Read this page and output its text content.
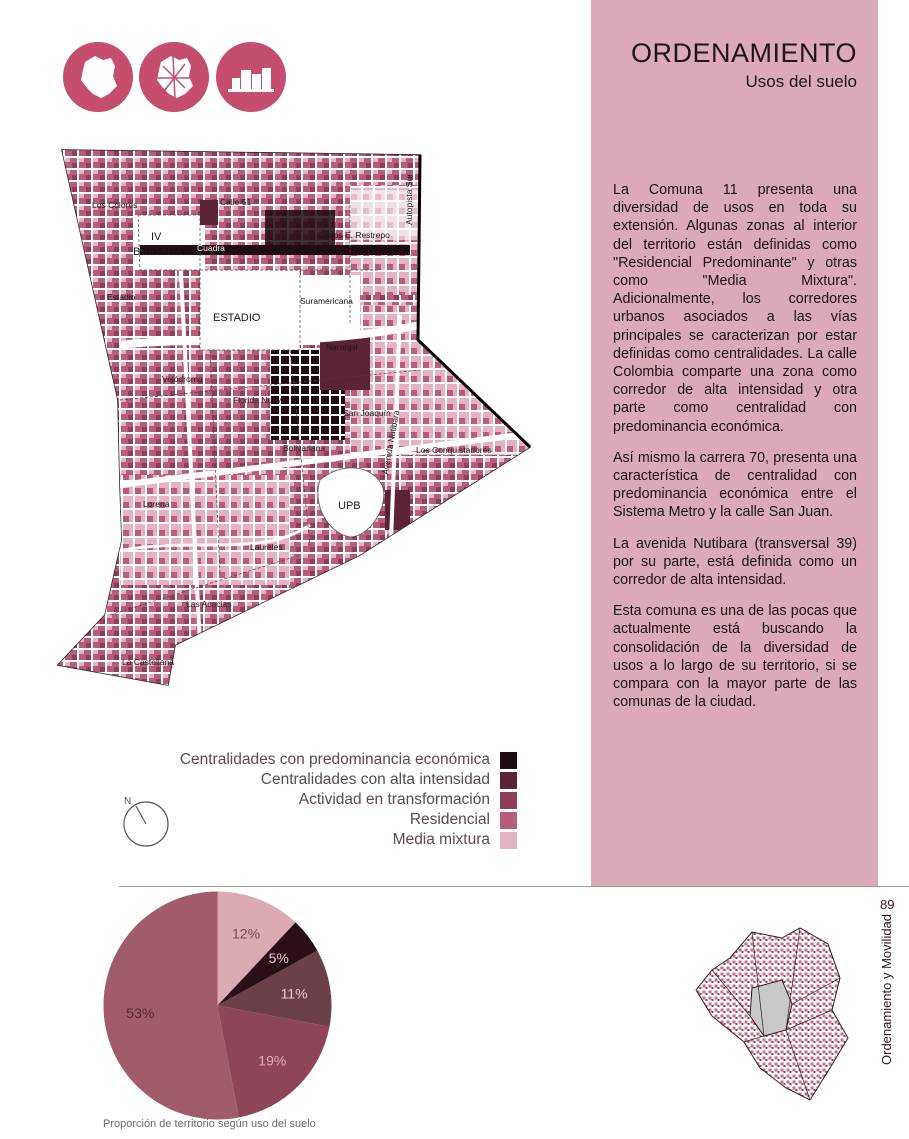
ORDENAMIENTO
Usos del suelo

La Comuna 11 presenta una diversidad de usos en toda su extensión. Algunas zonas al interior del territorio están definidas como "Residencial Predominante" y otras como "Media Mixtura". Adicionalmente, los corredores urbanos asociados a las vías principales se caracterizan por estar definidas como centralidades. La calle Colombia comparte una zona como corredor de alta intensidad y otra parte como centralidad con predominancia económica.

Así mismo la carrera 70, presenta una característica de centralidad con predominancia económica entre el Sistema Metro y la calle San Juan.

La avenida Nutibara (transversal 39) por su parte, está definida como un corredor de alta intensidad.

Esta comuna es una de las pocas que actualmente está buscando la consolidación de la diversidad de usos a lo largo de su territorio, si se compara con la mayor parte de las comunas de la ciudad.

Ordenamiento y Movilidad
89
IV
BRIGADA
ESTADIO
UPB
Los Colores
Carlos E. Restrepo
Suramericana
Naranjal
Velódromo
Florida Nueva
San Joaquín
Bolivariana	Los Conquistadores
Laureles
Las Acacias
La Castellana
Estadio
Lorena
Calle 51
Cuadra
Autopista Sur
Avenida Nutibara
Centralidades con predominancia económica
Centralidades con alta intensidad
Actividad en transformación
Residencial
Media mixtura
N
12%
5%
11%
19%
53%
Proporción de territorio según uso del suelo
